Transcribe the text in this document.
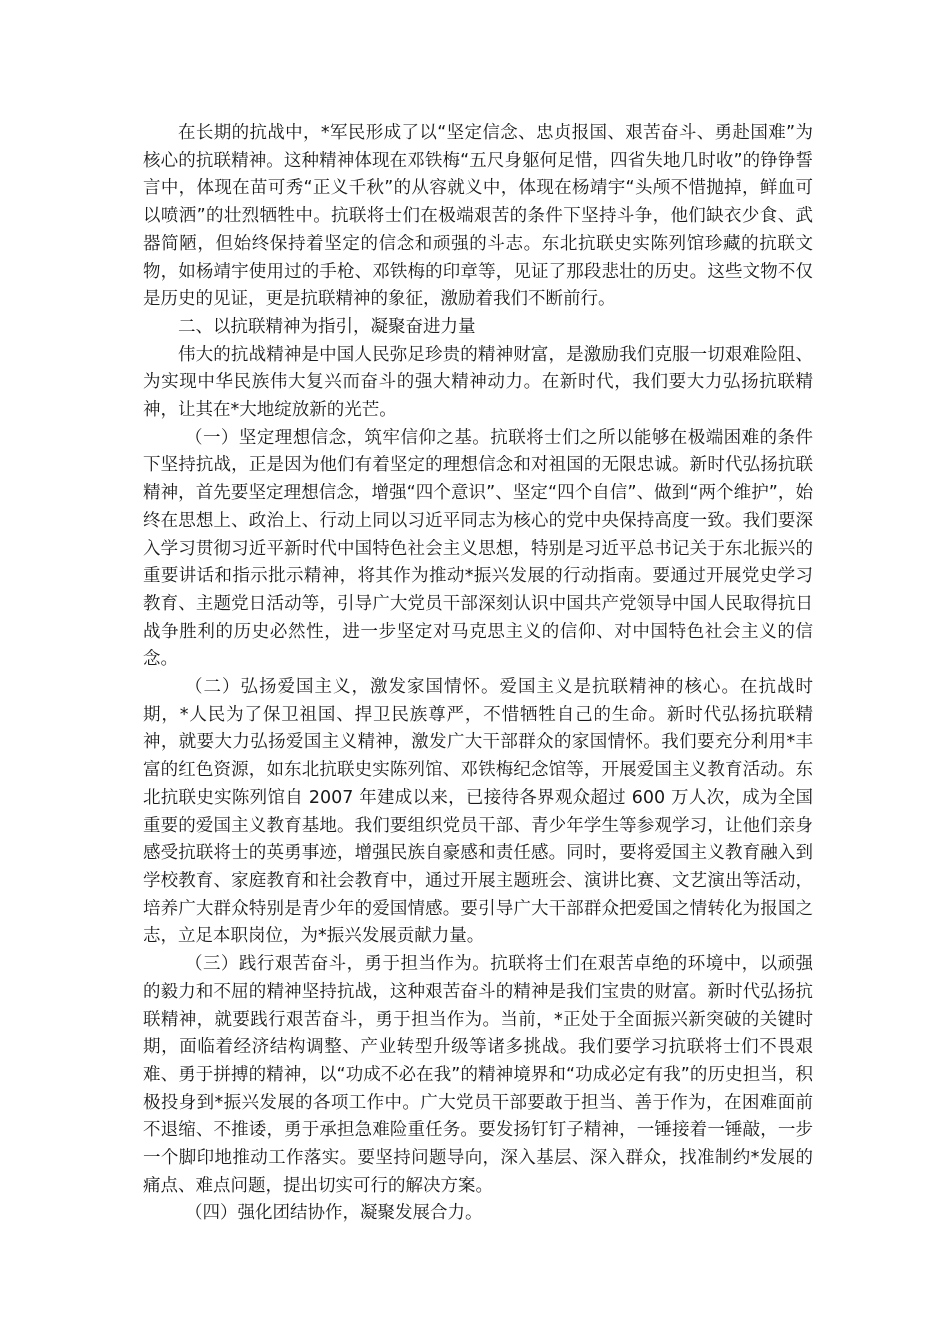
在长期的抗战中，*军民形成了以“坚定信念、忠贞报国、艰苦奋斗、勇赴国难”为核心的抗联精神。这种精神体现在邓铁梅“五尺身躯何足惜，四省失地几时收”的铮铮誓言中，体现在苗可秀“正义千秋”的从容就义中，体现在杨靖宇“头颅不惜抛掉，鲜血可以喷洒”的壮烈牺牲中。抗联将士们在极端艰苦的条件下坚持斗争，他们缺衣少食、武器简陋，但始终保持着坚定的信念和顽强的斗志。东北抗联史实陈列馆珍藏的抗联文物，如杨靖宇使用过的手枪、邓铁梅的印章等，见证了那段悲壮的历史。这些文物不仅是历史的见证，更是抗联精神的象征，激励着我们不断前行。

二、以抗联精神为指引，凝聚奋进力量

伟大的抗战精神是中国人民弥足珍贵的精神财富，是激励我们克服一切艰难险阻、为实现中华民族伟大复兴而奋斗的强大精神动力。在新时代，我们要大力弘扬抗联精神，让其在*大地绽放新的光芒。

（一）坚定理想信念，筑牢信仰之基。抗联将士们之所以能够在极端困难的条件下坚持抗战，正是因为他们有着坚定的理想信念和对祖国的无限忠诚。新时代弘扬抗联精神，首先要坚定理想信念，增强“四个意识”、坚定“四个自信”、做到“两个维护”，始终在思想上、政治上、行动上同以习近平同志为核心的党中央保持高度一致。我们要深入学习贯彻习近平新时代中国特色社会主义思想，特别是习近平总书记关于东北振兴的重要讲话和指示批示精神，将其作为推动*振兴发展的行动指南。要通过开展党史学习教育、主题党日活动等，引导广大党员干部深刻认识中国共产党领导中国人民取得抗日战争胜利的历史必然性，进一步坚定对马克思主义的信仰、对中国特色社会主义的信念。

（二）弘扬爱国主义，激发家国情怀。爱国主义是抗联精神的核心。在抗战时期，*人民为了保卫祖国、捍卫民族尊严，不惜牺牲自己的生命。新时代弘扬抗联精神，就要大力弘扬爱国主义精神，激发广大干部群众的家国情怀。我们要充分利用*丰富的红色资源，如东北抗联史实陈列馆、邓铁梅纪念馆等，开展爱国主义教育活动。东北抗联史实陈列馆自 2007 年建成以来，已接待各界观众超过 600 万人次，成为全国重要的爱国主义教育基地。我们要组织党员干部、青少年学生等参观学习，让他们亲身感受抗联将士的英勇事迹，增强民族自豪感和责任感。同时，要将爱国主义教育融入到学校教育、家庭教育和社会教育中，通过开展主题班会、演讲比赛、文艺演出等活动，培养广大群众特别是青少年的爱国情感。要引导广大干部群众把爱国之情转化为报国之志，立足本职岗位，为*振兴发展贡献力量。

（三）践行艰苦奋斗，勇于担当作为。抗联将士们在艰苦卓绝的环境中，以顽强的毅力和不屈的精神坚持抗战，这种艰苦奋斗的精神是我们宝贵的财富。新时代弘扬抗联精神，就要践行艰苦奋斗，勇于担当作为。当前，*正处于全面振兴新突破的关键时期，面临着经济结构调整、产业转型升级等诸多挑战。我们要学习抗联将士们不畏艰难、勇于拼搏的精神，以“功成不必在我”的精神境界和“功成必定有我”的历史担当，积极投身到*振兴发展的各项工作中。广大党员干部要敢于担当、善于作为，在困难面前不退缩、不推诿，勇于承担急难险重任务。要发扬钉钉子精神，一锤接着一锤敲，一步一个脚印地推动工作落实。要坚持问题导向，深入基层、深入群众，找准制约*发展的痛点、难点问题，提出切实可行的解决方案。

（四）强化团结协作，凝聚发展合力。
